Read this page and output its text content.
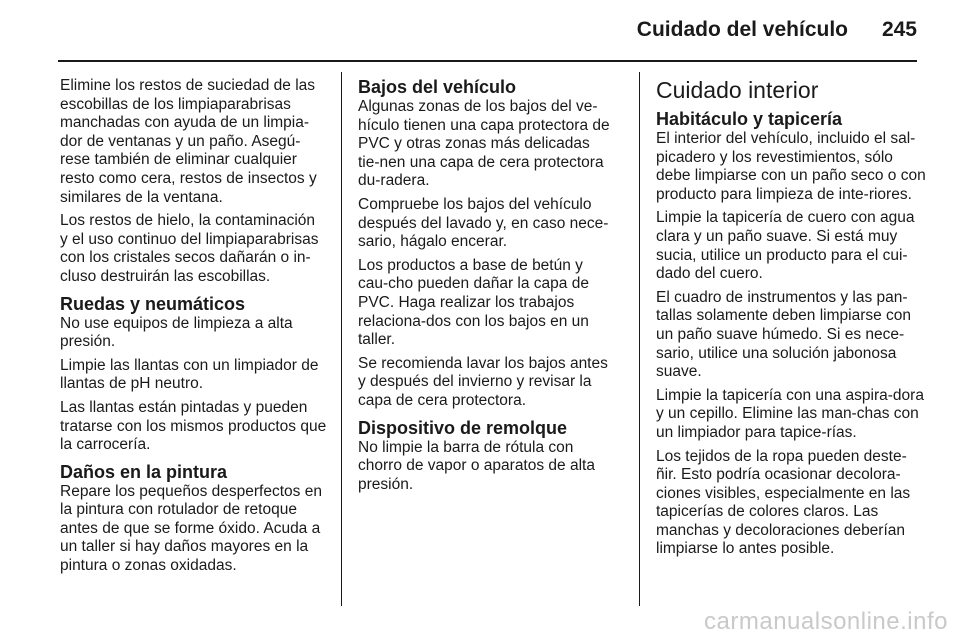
Cuidado del vehículo 245

Elimine los restos de suciedad de las escobillas de los limpiaparabrisas manchadas con ayuda de un limpia-dor de ventanas y un paño. Asegú-rese también de eliminar cualquier resto como cera, restos de insectos y similares de la ventana.

Los restos de hielo, la contaminación y el uso continuo del limpiaparabrisas con los cristales secos dañarán o in-cluso destruirán las escobillas.

Ruedas y neumáticos

No use equipos de limpieza a alta presión.

Limpie las llantas con un limpiador de llantas de pH neutro.

Las llantas están pintadas y pueden tratarse con los mismos productos que la carrocería.

Daños en la pintura

Repare los pequeños desperfectos en la pintura con rotulador de retoque antes de que se forme óxido. Acuda a un taller si hay daños mayores en la pintura o zonas oxidadas.

Bajos del vehículo

Algunas zonas de los bajos del ve-hículo tienen una capa protectora de PVC y otras zonas más delicadas tie-nen una capa de cera protectora du-radera.

Compruebe los bajos del vehículo después del lavado y, en caso nece-sario, hágalo encerar.

Los productos a base de betún y cau-cho pueden dañar la capa de PVC. Haga realizar los trabajos relaciona-dos con los bajos en un taller.

Se recomienda lavar los bajos antes y después del invierno y revisar la capa de cera protectora.

Dispositivo de remolque

No limpie la barra de rótula con chorro de vapor o aparatos de alta presión.

Cuidado interior
Habitáculo y tapicería

El interior del vehículo, incluido el sal-picadero y los revestimientos, sólo debe limpiarse con un paño seco o con producto para limpieza de inte-riores.

Limpie la tapicería de cuero con agua clara y un paño suave. Si está muy sucia, utilice un producto para el cui-dado del cuero.

El cuadro de instrumentos y las pan-tallas solamente deben limpiarse con un paño suave húmedo. Si es nece-sario, utilice una solución jabonosa suave.

Limpie la tapicería con una aspira-dora y un cepillo. Elimine las man-chas con un limpiador para tapice-rías.

Los tejidos de la ropa pueden deste-ñir. Esto podría ocasionar decolora-ciones visibles, especialmente en las tapicerías de colores claros. Las manchas y decoloraciones deberían limpiarse lo antes posible.

carmanualsonline.info
